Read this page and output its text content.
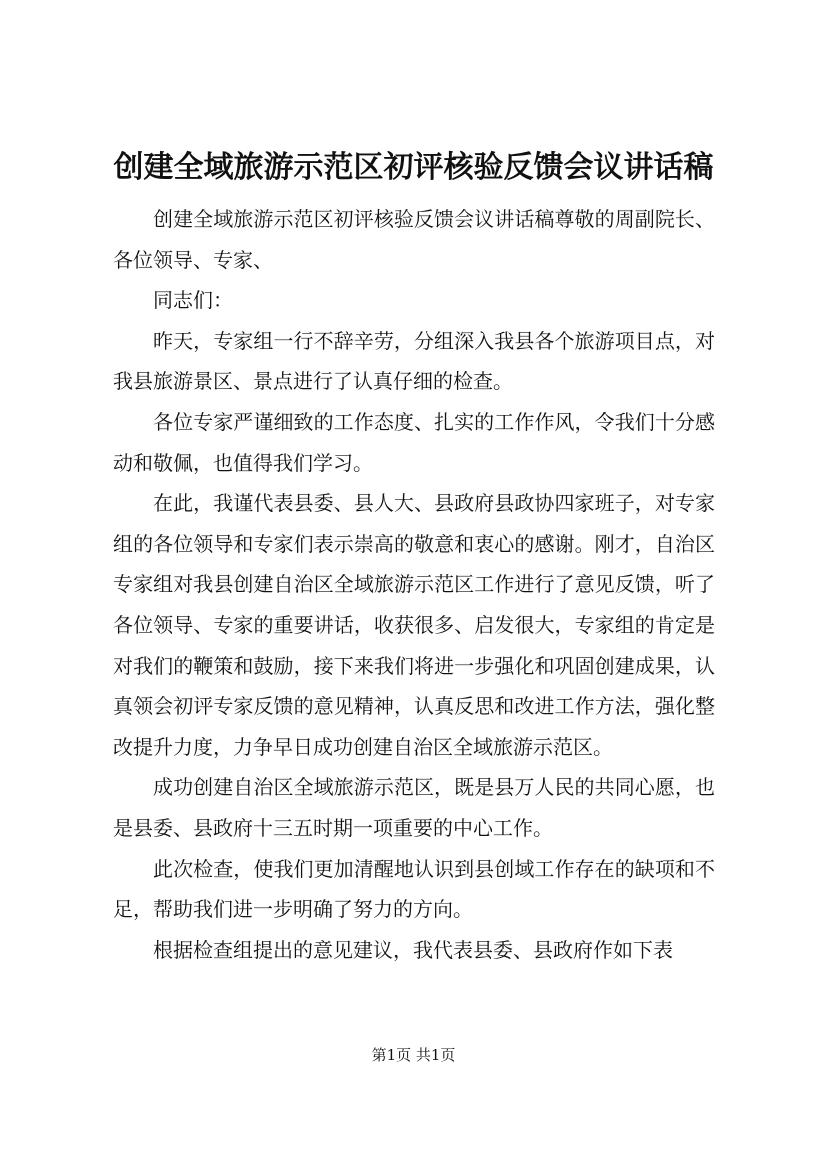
创建全域旅游示范区初评核验反馈会议讲话稿

创建全域旅游示范区初评核验反馈会议讲话稿尊敬的周副院长、各位领导、专家、

同志们：

昨天，专家组一行不辞辛劳，分组深入我县各个旅游项目点，对我县旅游景区、景点进行了认真仔细的检查。

各位专家严谨细致的工作态度、扎实的工作作风，令我们十分感动和敬佩，也值得我们学习。

在此，我谨代表县委、县人大、县政府县政协四家班子，对专家组的各位领导和专家们表示崇高的敬意和衷心的感谢。刚才，自治区专家组对我县创建自治区全域旅游示范区工作进行了意见反馈，听了各位领导、专家的重要讲话，收获很多、启发很大，专家组的肯定是对我们的鞭策和鼓励，接下来我们将进一步强化和巩固创建成果，认真领会初评专家反馈的意见精神，认真反思和改进工作方法，强化整改提升力度，力争早日成功创建自治区全域旅游示范区。

成功创建自治区全域旅游示范区，既是县万人民的共同心愿，也是县委、县政府十三五时期一项重要的中心工作。

此次检查，使我们更加清醒地认识到县创域工作存在的缺项和不足，帮助我们进一步明确了努力的方向。

根据检查组提出的意见建议，我代表县委、县政府作如下表

第1页 共1页
